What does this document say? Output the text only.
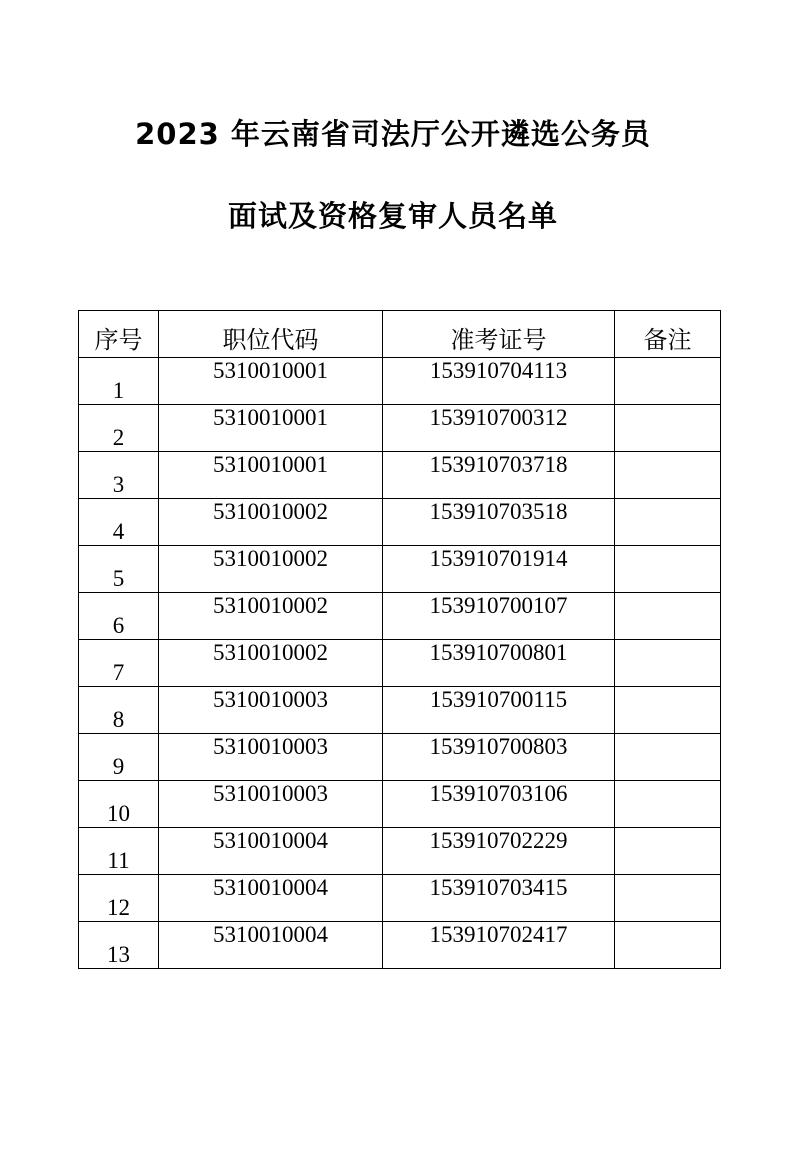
2023 年云南省司法厅公开遴选公务员
面试及资格复审人员名单
序号	职位代码	准考证号	备注
1	5310010001	153910704113	
2	5310010001	153910700312	
3	5310010001	153910703718	
4	5310010002	153910703518	
5	5310010002	153910701914	
6	5310010002	153910700107	
7	5310010002	153910700801	
8	5310010003	153910700115	
9	5310010003	153910700803	
10	5310010003	153910703106	
11	5310010004	153910702229	
12	5310010004	153910703415	
13	5310010004	153910702417	
